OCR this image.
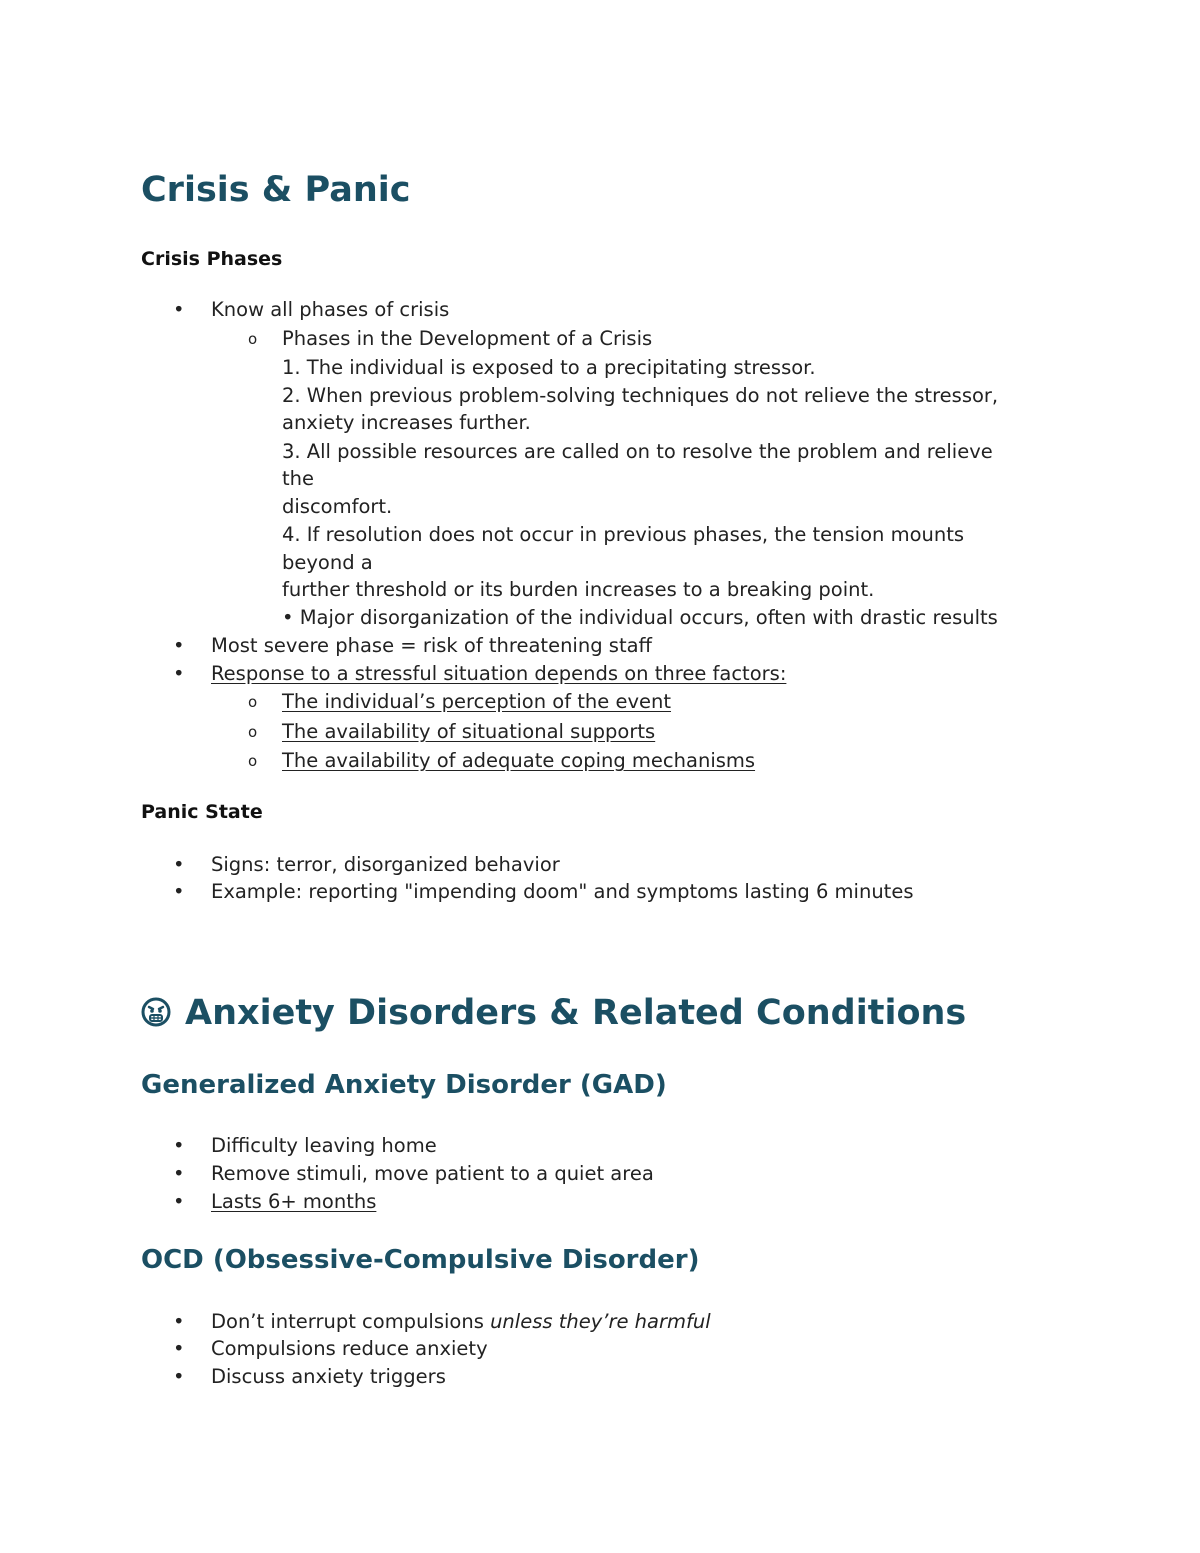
Crisis & Panic
Crisis Phases
•	Know all phases of crisis
o	Phases in the Development of a Crisis
1. The individual is exposed to a precipitating stressor.
2. When previous problem-solving techniques do not relieve the stressor,
anxiety increases further.
3. All possible resources are called on to resolve the problem and relieve
the
discomfort.
4. If resolution does not occur in previous phases, the tension mounts
beyond a
further threshold or its burden increases to a breaking point.
• Major disorganization of the individual occurs, often with drastic results
•	Most severe phase = risk of threatening staff
•	Response to a stressful situation depends on three factors:
o	The individual’s perception of the event
o	The availability of situational supports
o	The availability of adequate coping mechanisms
Panic State
•	Signs: terror, disorganized behavior
•	Example: reporting "impending doom" and symptoms lasting 6 minutes
Anxiety Disorders & Related Conditions
Generalized Anxiety Disorder (GAD)
•	Difficulty leaving home
•	Remove stimuli, move patient to a quiet area
•	Lasts 6+ months
OCD (Obsessive-Compulsive Disorder)
•	Don’t interrupt compulsions unless they’re harmful
•	Compulsions reduce anxiety
•	Discuss anxiety triggers
